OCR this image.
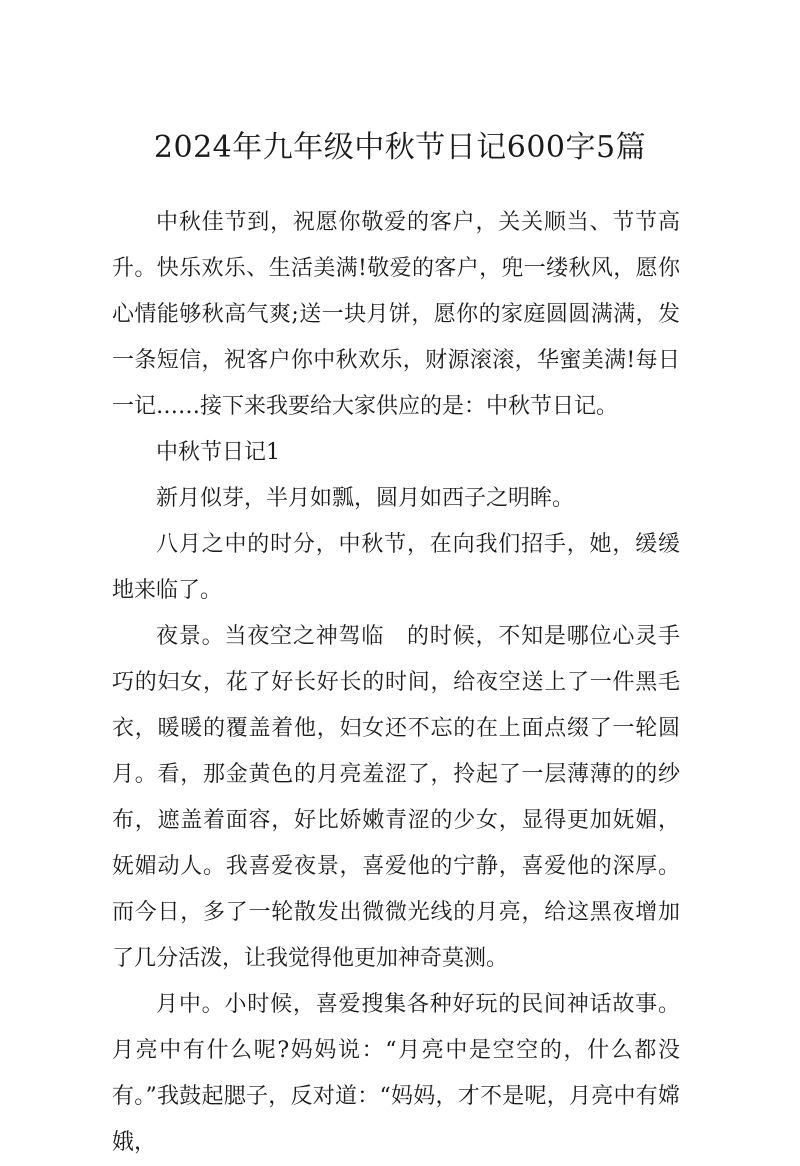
2024年九年级中秋节日记600字5篇

中秋佳节到，祝愿你敬爱的客户，关关顺当、节节高升。快乐欢乐、生活美满!敬爱的客户，兜一缕秋风，愿你心情能够秋高气爽;送一块月饼，愿你的家庭圆圆满满，发一条短信，祝客户你中秋欢乐，财源滚滚，华蜜美满!每日一记……接下来我要给大家供应的是：中秋节日记。

中秋节日记1

新月似芽，半月如瓢，圆月如西子之明眸。

八月之中的时分，中秋节，在向我们招手，她，缓缓地来临了。

夜景。当夜空之神驾临　的时候，不知是哪位心灵手巧的妇女，花了好长好长的时间，给夜空送上了一件黑毛衣，暖暖的覆盖着他，妇女还不忘的在上面点缀了一轮圆月。看，那金黄色的月亮羞涩了，拎起了一层薄薄的的纱布，遮盖着面容，好比娇嫩青涩的少女，显得更加妩媚，妩媚动人。我喜爱夜景，喜爱他的宁静，喜爱他的深厚。而今日，多了一轮散发出微微光线的月亮，给这黑夜增加了几分活泼，让我觉得他更加神奇莫测。

月中。小时候，喜爱搜集各种好玩的民间神话故事。月亮中有什么呢?妈妈说：“月亮中是空空的，什么都没有。”我鼓起腮子，反对道：“妈妈，才不是呢，月亮中有嫦娥，
